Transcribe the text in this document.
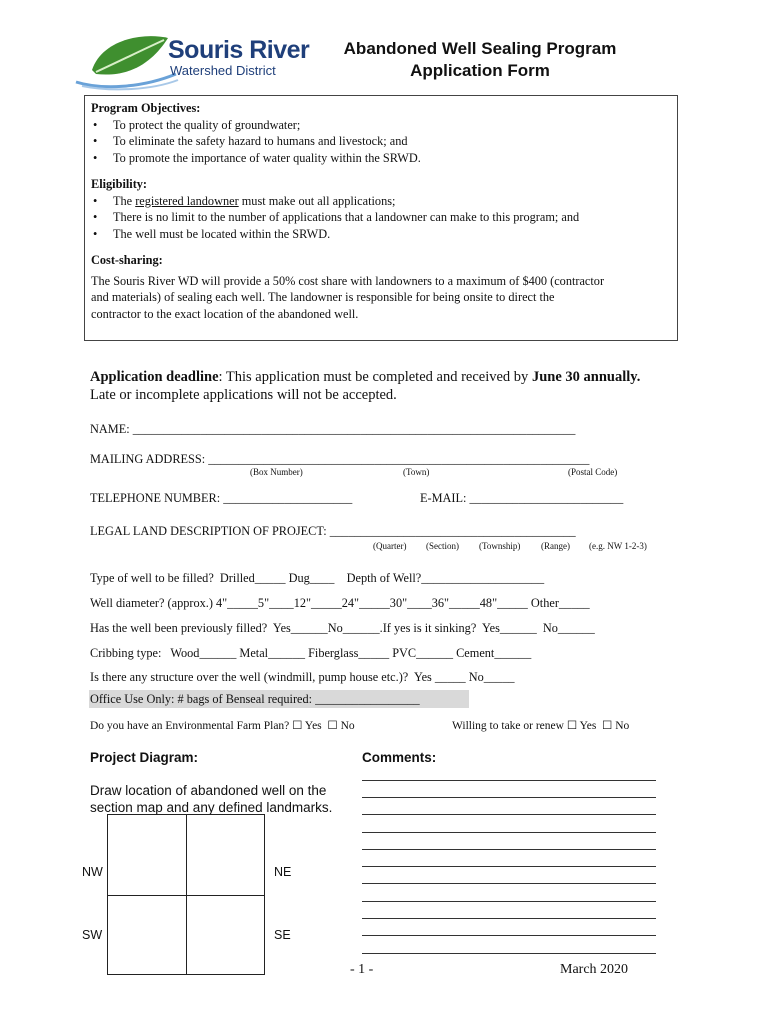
Souris River
Watershed District
Abandoned Well Sealing Program
Application Form
Program Objectives:
• To protect the quality of groundwater;
• To eliminate the safety hazard to humans and livestock; and
• To promote the importance of water quality within the SRWD.
Eligibility:
• The registered landowner must make out all applications;
• There is no limit to the number of applications that a landowner can make to this program; and
• The well must be located within the SRWD.
Cost-sharing:
The Souris River WD will provide a 50% cost share with landowners to a maximum of $400 (contractor
and materials) of sealing each well. The landowner is responsible for being onsite to direct the
contractor to the exact location of the abandoned well.
Application deadline: This application must be completed and received by June 30 annually.
Late or incomplete applications will not be accepted.
NAME: ________________________________________________________________________
MAILING ADDRESS: ______________________________________________________________
(Box Number)	(Town)	(Postal Code)
TELEPHONE NUMBER: _____________________	E-MAIL: _________________________
LEGAL LAND DESCRIPTION OF PROJECT: ________________________________________
(Quarter) (Section) (Township) (Range) (e.g. NW 1-2-3)
Type of well to be filled?  Drilled_____ Dug____    Depth of Well?____________________
Well diameter? (approx.) 4"_____5"____12"_____24"_____30"____36"_____48"_____ Other_____
Has the well been previously filled?  Yes______No______.If yes is it sinking?  Yes______  No______
Cribbing type:   Wood______ Metal______ Fiberglass_____ PVC______ Cement______
Is there any structure over the well (windmill, pump house etc.)?  Yes _____ No_____
Office Use Only: # bags of Benseal required: _________________
Do you have an Environmental Farm Plan? ☐ Yes  ☐ No	Willing to take or renew ☐ Yes  ☐ No
Project Diagram:
Draw location of abandoned well on the
section map and any defined landmarks.
NW	NE
SW	SE
Comments:
- 1 -	March 2020
